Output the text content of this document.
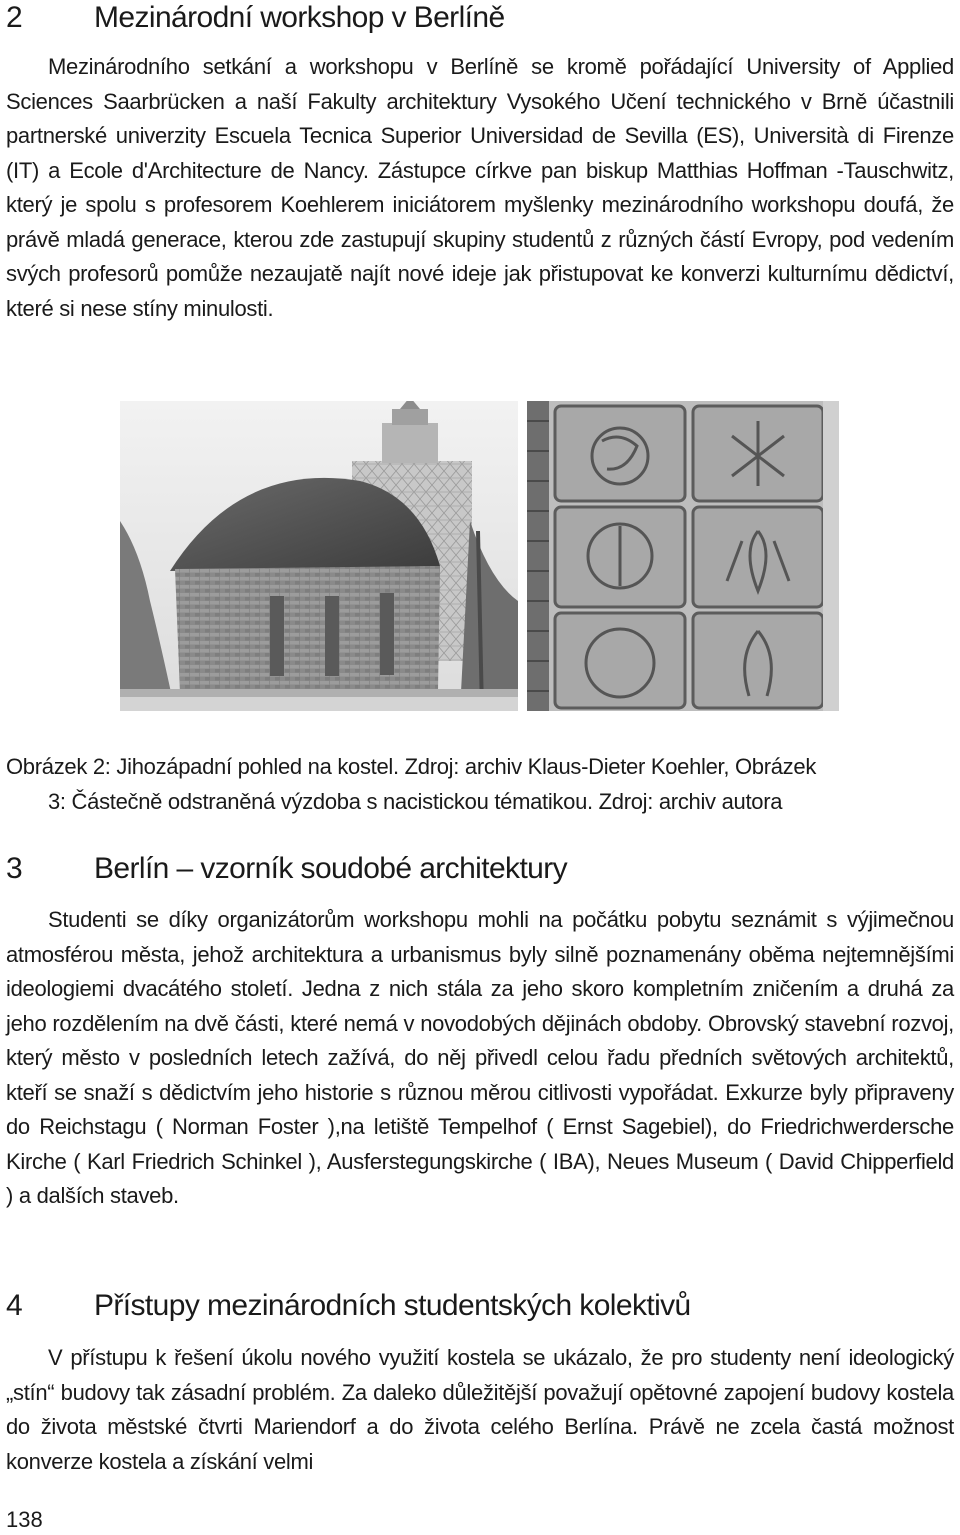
2	Mezinárodní workshop v Berlíně

Mezinárodního setkání a workshopu v Berlíně se kromě pořádající University of Applied Sciences Saarbrücken a naší Fakulty architektury Vysokého Učení technického v Brně účastnili partnerské univerzity Escuela Tecnica Superior Universidad de Sevilla (ES), Università di Firenze (IT) a Ecole d'Architecture de Nancy. Zástupce církve pan biskup Matthias Hoffman -Tauschwitz, který je spolu s profesorem Koehlerem iniciátorem myšlenky mezinárodního workshopu doufá, že právě mladá generace, kterou zde zastupují skupiny studentů z různých částí Evropy, pod vedením svých profesorů pomůže nezaujatě najít nové ideje jak přistupovat ke konverzi kulturnímu dědictví, které si nese stíny minulosti.

Obrázek 2: Jihozápadní pohled na kostel. Zdroj: archiv Klaus-Dieter Koehler, Obrázek
3: Částečně odstraněná výzdoba s nacistickou tématikou. Zdroj: archiv autora
3	Berlín – vzorník soudobé architektury

Studenti se díky organizátorům workshopu mohli na počátku pobytu seznámit s výjimečnou atmosférou města, jehož architektura a urbanismus byly silně poznamenány oběma nejtemnějšími ideologiemi dvacátého století. Jedna z nich stála za jeho skoro kompletním zničením a druhá za jeho rozdělením na dvě části, které nemá v novodobých dějinách obdoby. Obrovský stavební rozvoj, který město v posledních letech zažívá, do něj přivedl celou řadu předních světových architektů, kteří se snaží s dědictvím jeho historie s různou měrou citlivosti vypořádat. Exkurze byly připraveny do Reichstagu ( Norman Foster ),na letiště Tempelhof ( Ernst Sagebiel), do Friedrichwerdersche Kirche ( Karl Friedrich Schinkel ), Ausferstegungskirche ( IBA), Neues Museum ( David Chipperfield ) a dalších staveb.

4	Přístupy mezinárodních studentských kolektivů

V přístupu k řešení úkolu nového využití kostela se ukázalo, že pro studenty není ideologický „stín“ budovy tak zásadní problém. Za daleko důležitější považují opětovné zapojení budovy kostela do života městské čtvrti Mariendorf a do života celého Berlína. Právě ne zcela častá možnost konverze kostela a získání velmi

138
